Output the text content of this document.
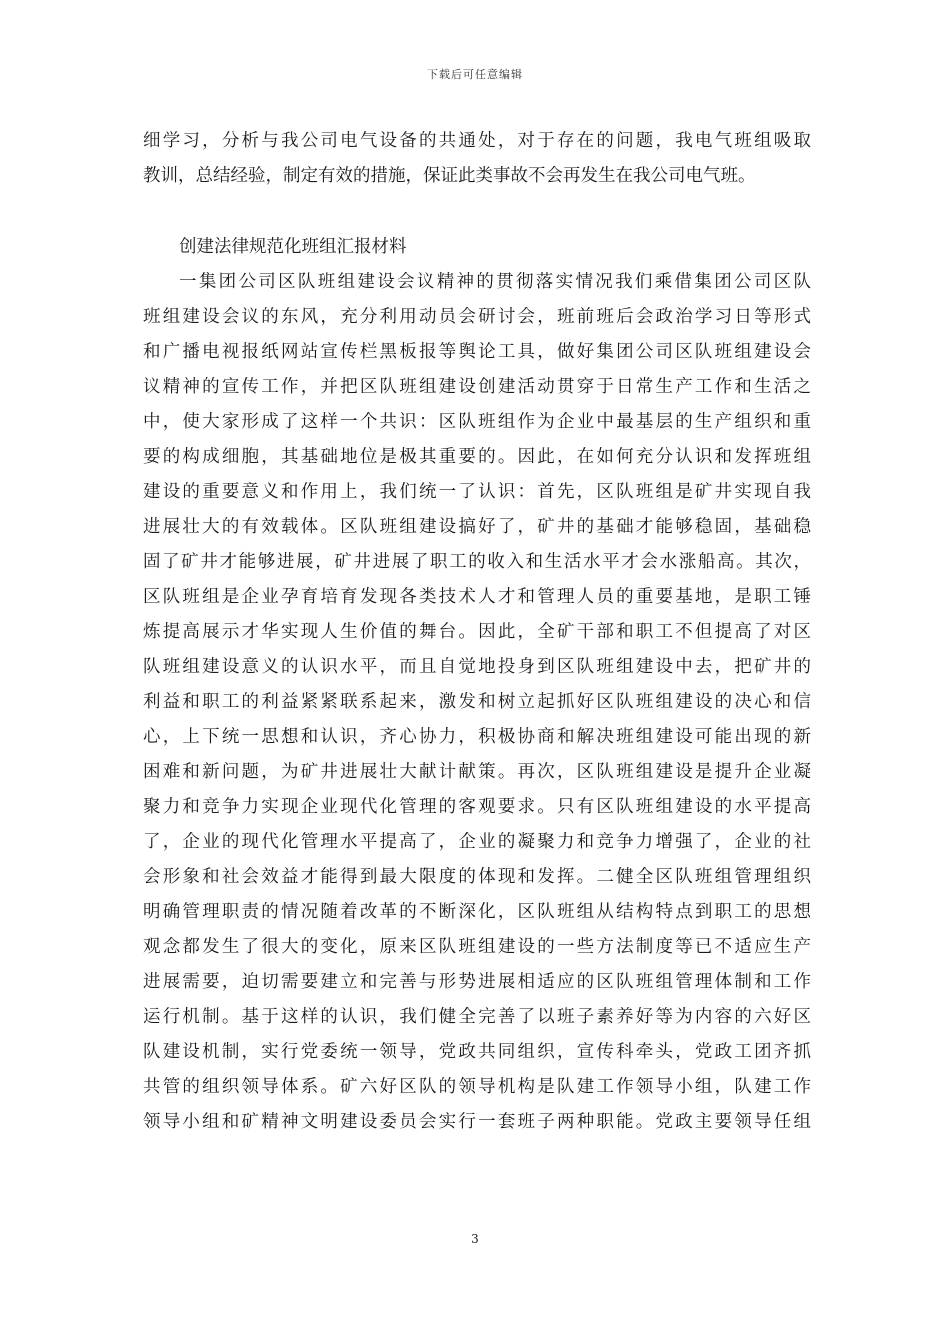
下载后可任意编辑
细学习，分析与我公司电气设备的共通处，对于存在的问题，我电气班组吸取
教训，总结经验，制定有效的措施，保证此类事故不会再发生在我公司电气班。
创建法律规范化班组汇报材料
一集团公司区队班组建设会议精神的贯彻落实情况我们乘借集团公司区队
班组建设会议的东风，充分利用动员会研讨会，班前班后会政治学习日等形式
和广播电视报纸网站宣传栏黑板报等舆论工具，做好集团公司区队班组建设会
议精神的宣传工作，并把区队班组建设创建活动贯穿于日常生产工作和生活之
中，使大家形成了这样一个共识：区队班组作为企业中最基层的生产组织和重
要的构成细胞，其基础地位是极其重要的。因此，在如何充分认识和发挥班组
建设的重要意义和作用上，我们统一了认识：首先，区队班组是矿井实现自我
进展壮大的有效载体。区队班组建设搞好了，矿井的基础才能够稳固，基础稳
固了矿井才能够进展，矿井进展了职工的收入和生活水平才会水涨船高。其次，
区队班组是企业孕育培育发现各类技术人才和管理人员的重要基地，是职工锤
炼提高展示才华实现人生价值的舞台。因此，全矿干部和职工不但提高了对区
队班组建设意义的认识水平，而且自觉地投身到区队班组建设中去，把矿井的
利益和职工的利益紧紧联系起来，激发和树立起抓好区队班组建设的决心和信
心，上下统一思想和认识，齐心协力，积极协商和解决班组建设可能出现的新
困难和新问题，为矿井进展壮大献计献策。再次，区队班组建设是提升企业凝
聚力和竞争力实现企业现代化管理的客观要求。只有区队班组建设的水平提高
了，企业的现代化管理水平提高了，企业的凝聚力和竞争力增强了，企业的社
会形象和社会效益才能得到最大限度的体现和发挥。二健全区队班组管理组织
明确管理职责的情况随着改革的不断深化，区队班组从结构特点到职工的思想
观念都发生了很大的变化，原来区队班组建设的一些方法制度等已不适应生产
进展需要，迫切需要建立和完善与形势进展相适应的区队班组管理体制和工作
运行机制。基于这样的认识，我们健全完善了以班子素养好等为内容的六好区
队建设机制，实行党委统一领导，党政共同组织，宣传科牵头，党政工团齐抓
共管的组织领导体系。矿六好区队的领导机构是队建工作领导小组，队建工作
领导小组和矿精神文明建设委员会实行一套班子两种职能。党政主要领导任组
3
